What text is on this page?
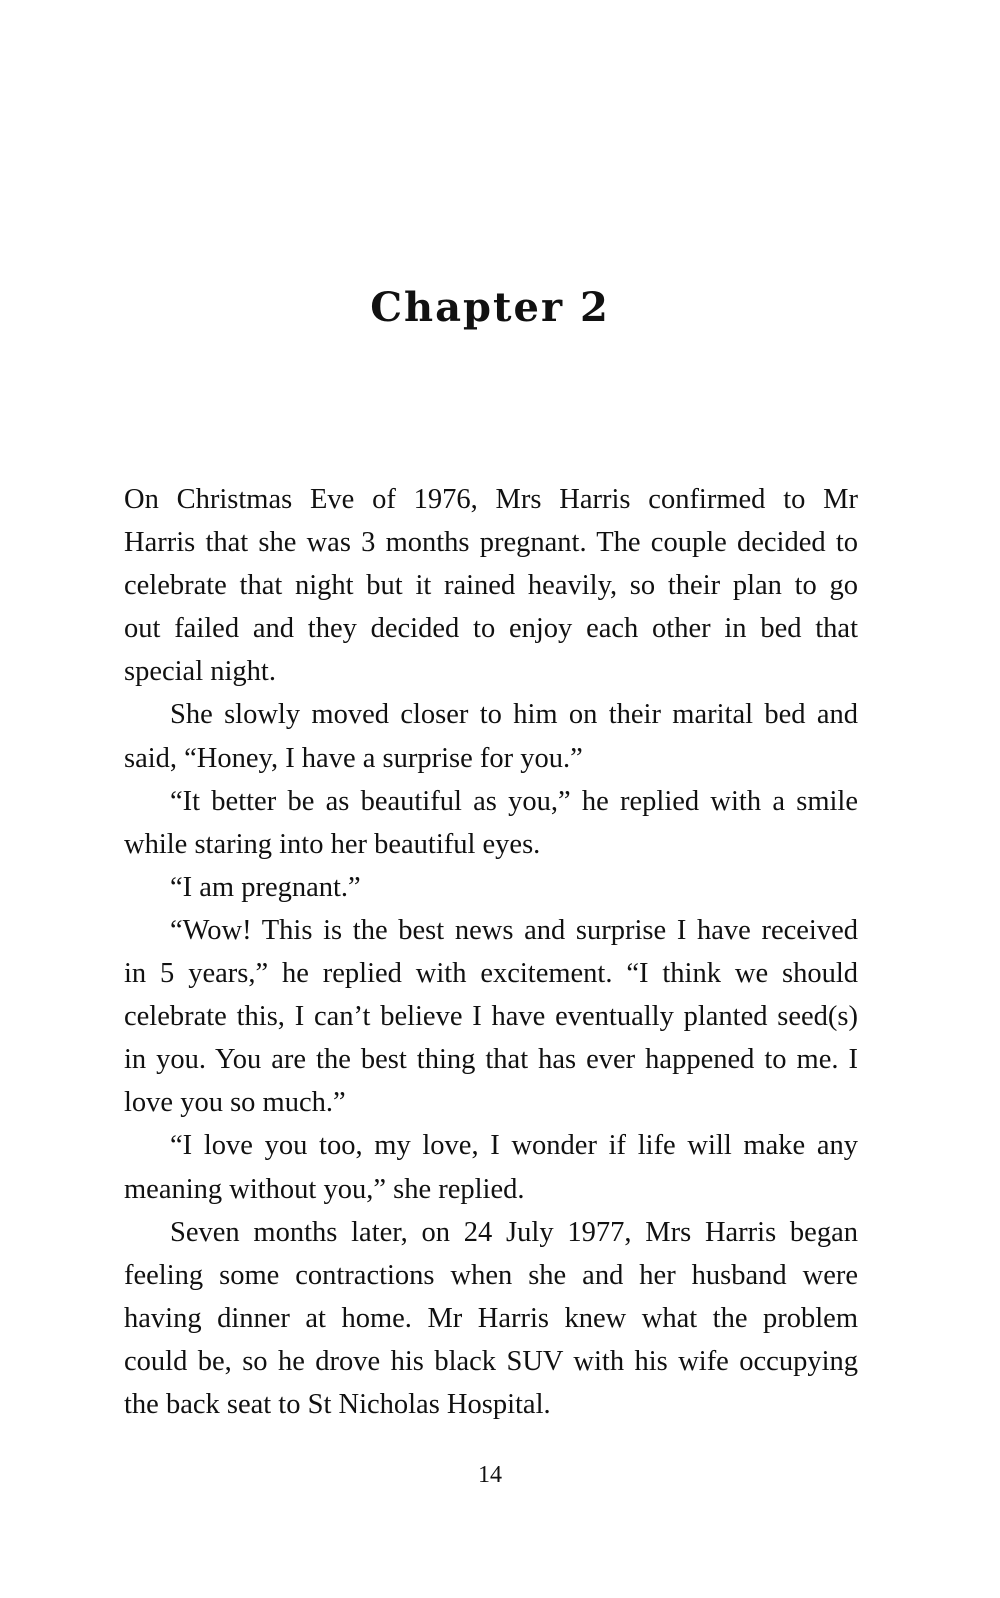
Chapter 2
On Christmas Eve of 1976, Mrs Harris confirmed to Mr
Harris that she was 3 months pregnant. The couple decided to
celebrate that night but it rained heavily, so their plan to go
out failed and they decided to enjoy each other in bed that
special night.
She slowly moved closer to him on their marital bed and
said, “Honey, I have a surprise for you.”
“It better be as beautiful as you,” he replied with a smile
while staring into her beautiful eyes.
“I am pregnant.”
“Wow! This is the best news and surprise I have received
in 5 years,” he replied with excitement. “I think we should
celebrate this, I can’t believe I have eventually planted seed(s)
in you. You are the best thing that has ever happened to me. I
love you so much.”
“I love you too, my love, I wonder if life will make any
meaning without you,” she replied.
Seven months later, on 24 July 1977, Mrs Harris began
feeling some contractions when she and her husband were
having dinner at home. Mr Harris knew what the problem
could be, so he drove his black SUV with his wife occupying
the back seat to St Nicholas Hospital.
14
